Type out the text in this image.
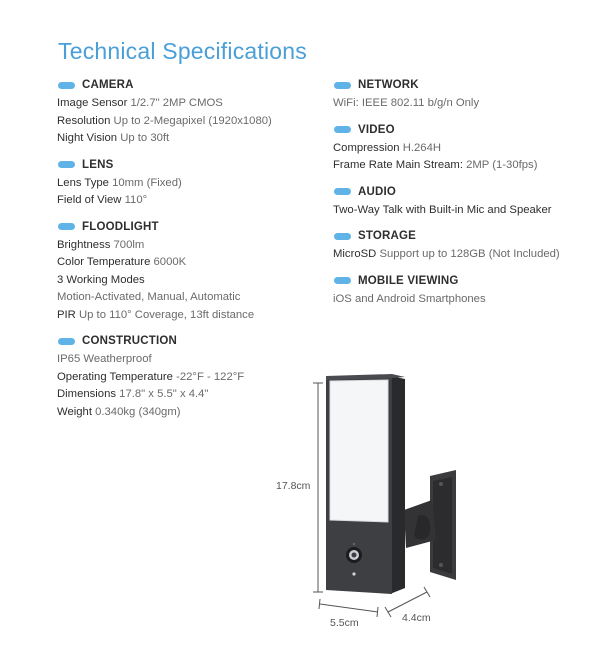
Technical Specifications
CAMERA
Image Sensor 1/2.7" 2MP CMOS
Resolution Up to 2-Megapixel (1920x1080)
Night Vision Up to 30ft
LENS
Lens Type 10mm (Fixed)
Field of View 110°
FLOODLIGHT
Brightness 700lm
Color Temperature 6000K
3 Working Modes
Motion-Activated, Manual, Automatic
PIR Up to 110° Coverage, 13ft distance
CONSTRUCTION
IP65 Weatherproof
Operating Temperature -22°F - 122°F
Dimensions 17.8" x 5.5" x 4.4"
Weight 0.340kg (340gm)
NETWORK
WiFi: IEEE 802.11 b/g/n Only
VIDEO
Compression H.264H
Frame Rate Main Stream: 2MP (1-30fps)
AUDIO
Two-Way Talk with Built-in Mic and Speaker
STORAGE
MicroSD Support up to 128GB (Not Included)
MOBILE VIEWING
iOS and Android Smartphones
17.8cm
5.5cm	4.4cm
